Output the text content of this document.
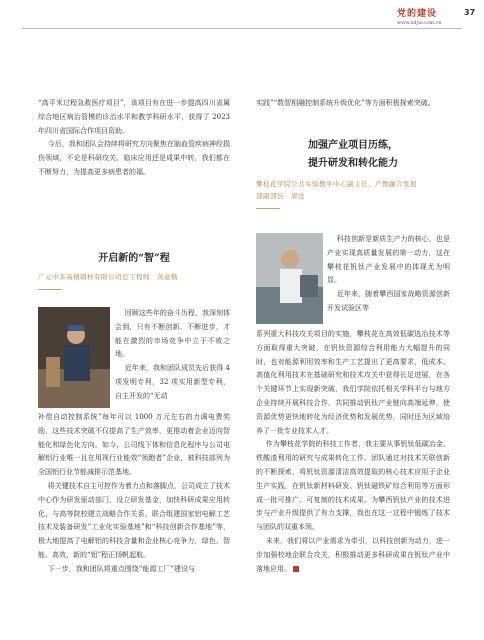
党的建设
www.sdjw.com.cn
37

“高平米过程急救医疗项目”，该项目有在进一步提高四川省属综合地区病治管模的诊治水平和教学科研水平，获得了 2023 年四川省国际合作项目资助。

今后，我和团队会持续将研究方向聚焦在脑血管疾病神经损伤领域，不论是科研攻关、临床应用还是成果中转，我们都在不断努力，为提高更多病患者的福。

开启新的“智”程
广元中多高精钢材有限公司总工程师　黄意勤

回顾这些年的奋斗历程，我深刻体会到，只有不断创新、不断进步，才能在激烈的市场竞争中立于不败之地。

近年来，我和团队成员先后获得 4 项发明专利，32 项实用新型专利，自主开发的“无动

补偿自动控制系统”每年可以 1000 万元左右的力调电费奖励，这些技术突破不仅提高了生产效率，更推动着企业迈向智能化和绿色化方向。如今，公司线下体和信息化程序与公司电解铝行业唯一且在用视行业能效“领跑者”企业，被科技部列为全国铝行业节能减排示范基地。

将关键技术自主可控作为着力点和落脚点，公司成立了技术中心作为研发驱动部门，设立研发基金，加快科研成果应用转化，与高等院校建立战略合作关系，联合组建国家铝电解工艺技术及装备研发”工业化实验基地”和“科技创新合作基地”等，极大地提高了电解铝的科技含量和企业核心竞争力，绿色、智能、高效、新的“铝”程正扬帆起航。

下一步，我和团队将重点围绕“能源工厂”建设与

实践”“数智相融控制系统升级优化”等方面积极探索突破。

加强产业项目历练，
提升研发和转化能力
攀枝花学院公共实验教学中心副主任、产教融合发展
部副部长　唐亮

科技创新是新质生产力的核心，也是产业实现高质量发展的第一动力，这在攀枝花钒钛产业发展中的体现尤为明显。

近年来，随着攀西国家战略资源创新开发试验区等

系列重大科技攻关项目的实施，攀枝花在高效低碳选冶技术等方面取得重大突破，在钒钛资源综合利用能力大幅提升的同时，也对能源利用效率和生产工艺提出了更高要求，低成本、高值化利用技术在基础研究和技术攻关中获得长足进展，在各个关键环节上实现新突破，我们学院依托相关学科平台与地方企业持续开展科技合作，共同推动钒钛产业链向高端延伸，使资源优势更快地转化为经济优势和发展优势，同时还为区域培养了一批专业技术人才。

作为攀枝花学院的科技工作者，我主要从事钒钛低碳冶金、铁酸渣利用的研究与成果转化工作。团队通过对技术关联创新的不断探索，将钒钛资源清洁高效提取的核心技术应用于企业生产实践，在钒钛新材料研发、钒钛磁铁矿综合利用等方面形成一批可推广、可复制的技术成果，为攀西钒钛产业的技术进步与产业升级提供了有力支撑，我也在这一过程中锻炼了技术与团队的双重本领。

未来，我们将以产业需求为牵引，以科技创新为动力，进一步加强校地企联合攻关，积极推动更多科研成果在钒钛产业中落地应用。
